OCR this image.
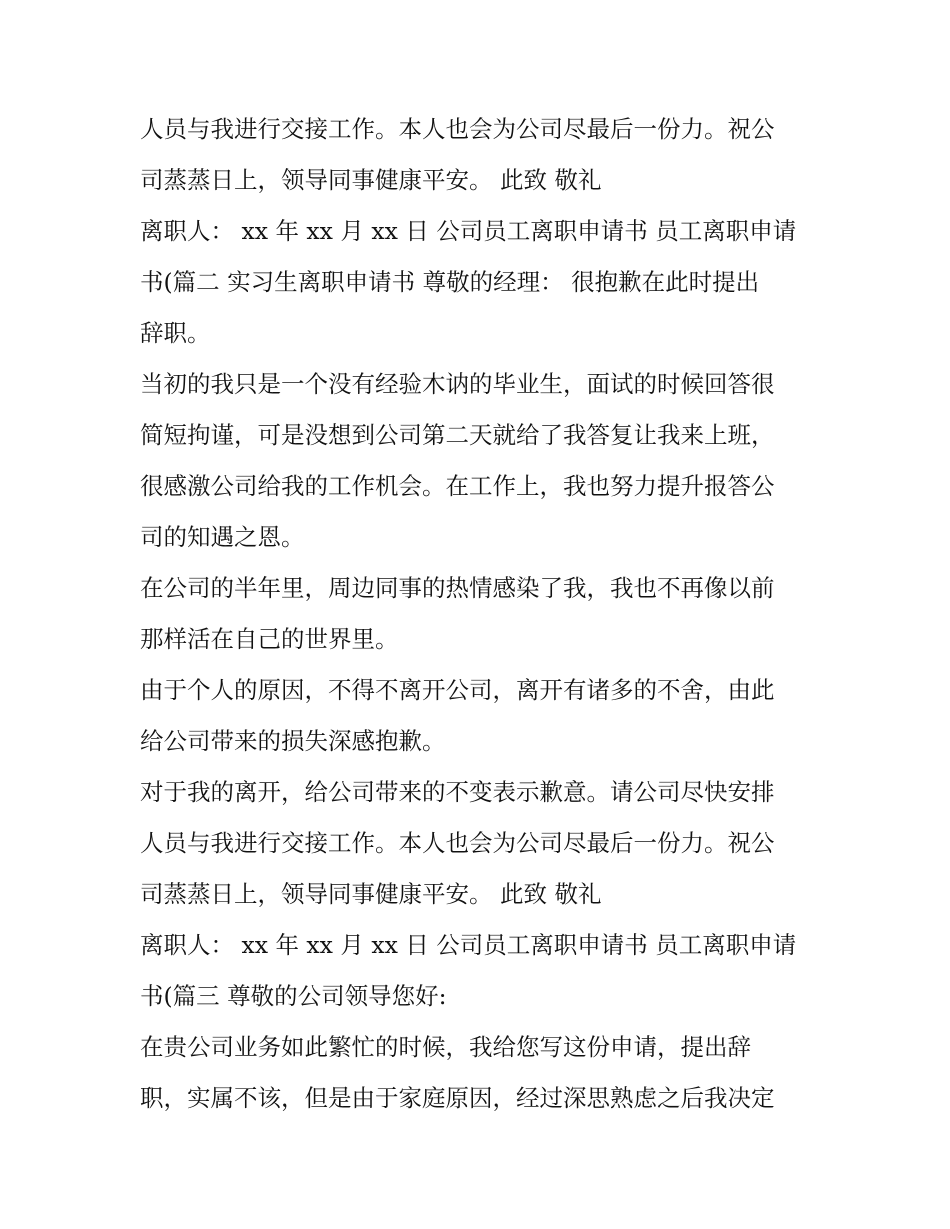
人员与我进行交接工作。本人也会为公司尽最后一份力。祝公

司蒸蒸日上，领导同事健康平安。 此致 敬礼

离职人： xx 年 xx 月 xx 日 公司员工离职申请书 员工离职申请

书(篇二 实习生离职申请书 尊敬的经理： 很抱歉在此时提出

辞职。

当初的我只是一个没有经验木讷的毕业生，面试的时候回答很

简短拘谨，可是没想到公司第二天就给了我答复让我来上班，

很感激公司给我的工作机会。在工作上，我也努力提升报答公

司的知遇之恩。

在公司的半年里，周边同事的热情感染了我，我也不再像以前

那样活在自己的世界里。

由于个人的原因，不得不离开公司，离开有诸多的不舍，由此

给公司带来的损失深感抱歉。

对于我的离开，给公司带来的不变表示歉意。请公司尽快安排

人员与我进行交接工作。本人也会为公司尽最后一份力。祝公

司蒸蒸日上，领导同事健康平安。 此致 敬礼

离职人： xx 年 xx 月 xx 日 公司员工离职申请书 员工离职申请

书(篇三 尊敬的公司领导您好:

在贵公司业务如此繁忙的时候，我给您写这份申请，提出辞

职，实属不该，但是由于家庭原因，经过深思熟虑之后我决定
